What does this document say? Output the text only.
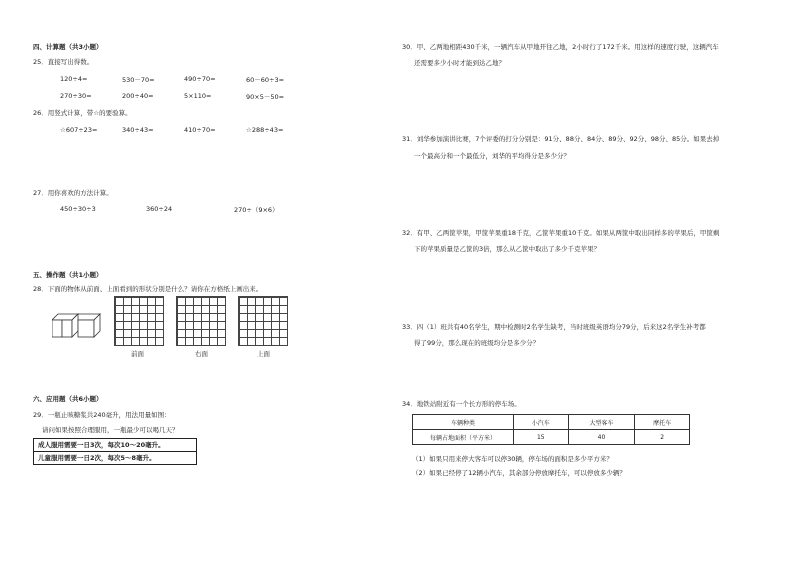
四、计算题（共3小题）
25．直接写出得数。
120÷4=	530－70=	490÷70=	60－60÷3=
270÷30=	200÷40=	5×110=	90×5－50=
26．用竖式计算，带☆的要验算。
☆607÷23=	340÷43=	410÷70=	☆288÷43=
27．用你喜欢的方法计算。
450÷30÷3	360÷24	270÷（9×6）
五、操作题（共1小题）
28．下面的物体从前面、上面看到的形状分别是什么？请你在方格纸上画出来。
前面	右面	上面
六、应用题（共6小题）
29．一瓶止咳糖浆共240毫升，用法用量如图：
请问如果按照合理服用，一瓶最少可以喝几天？
成人服用需要一日3次，每次10～20毫升。
儿童服用需要一日2次，每次5～8毫升。
30．甲、乙两地相距430千米，一辆汽车从甲地开往乙地，2小时行了172千米。用这样的速度行驶，这辆汽车
还需要多少小时才能到达乙地？
31．刘华参加演讲比赛，7个评委的打分分别是：91分、88分、84分、89分、92分、98分、85分。如果去掉
一个最高分和一个最低分，刘华的平均得分是多少分？
32．有甲、乙两筐苹果，甲筐苹果重18千克，乙筐苹果重10千克。如果从两筐中取出同样多的苹果后，甲筐剩
下的苹果质量是乙筐的3倍，那么从乙筐中取出了多少千克苹果？
33．四（1）班共有40名学生，期中检测时2名学生缺考，当时班级英语均分79分，后来这2名学生补考都
得了99分，那么现在的班级均分是多少分？
34．地铁站附近有一个长方形的停车场。
车辆种类	小汽车	大型客车	摩托车
每辆占地面积（平方米）	15	40	2
（1）如果只用来停大客车可以停30辆，停车场的面积是多少平方米？
（2）如果已经停了12辆小汽车，其余部分停放摩托车，可以停放多少辆？
